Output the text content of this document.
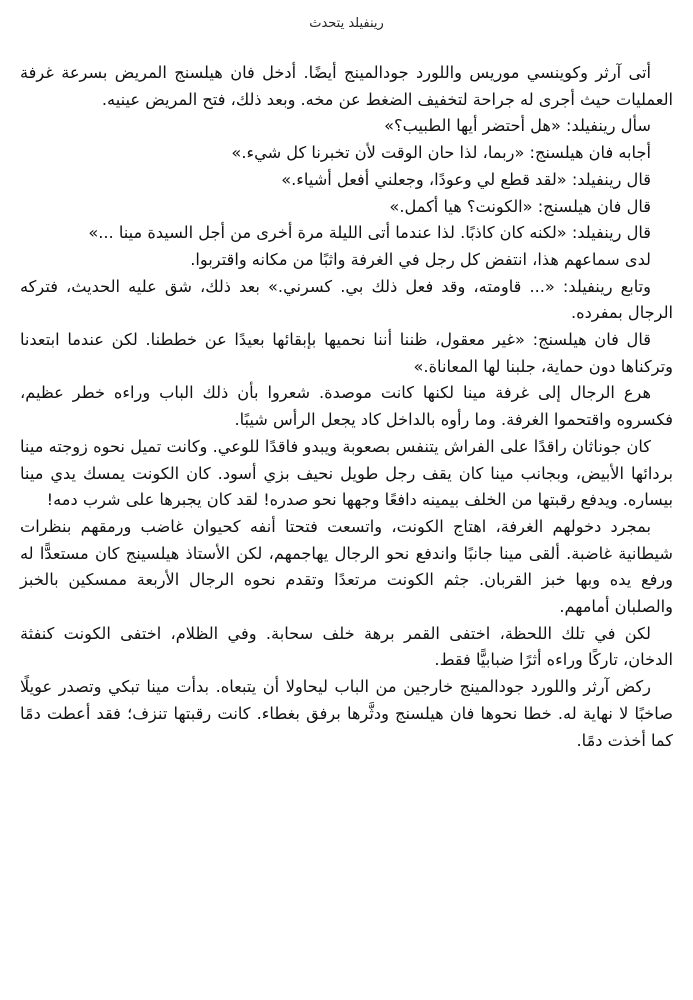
رينفيلد يتحدث

أتى آرثر وكوينسي موريس واللورد جودالمينج أيضًا. أدخل فان هيلسنج المريض بسرعة غرفة العمليات حيث أجرى له جراحة لتخفيف الضغط عن مخه. وبعد ذلك، فتح المريض عينيه.

سأل رينفيلد: «هل أحتضر أيها الطبيب؟»

أجابه فان هيلسنج: «ربما، لذا حان الوقت لأن تخبرنا كل شيء.»

قال رينفيلد: «لقد قطع لي وعودًا، وجعلني أفعل أشياء.»

قال فان هيلسنج: «الكونت؟ هيا أكمل.»

قال رينفيلد: «لكنه كان كاذبًا. لذا عندما أتى الليلة مرة أخرى من أجل السيدة مينا ...»

لدى سماعهم هذا، انتفض كل رجل في الغرفة واثبًا من مكانه واقتربوا.

وتابع رينفيلد: «... قاومته، وقد فعل ذلك بي. كسرني.» بعد ذلك، شق عليه الحديث، فتركه الرجال بمفرده.

قال فان هيلسنج: «غير معقول، ظننا أننا نحميها بإبقائها بعيدًا عن خططنا. لكن عندما ابتعدنا وتركناها دون حماية، جلبنا لها المعاناة.»

هرع الرجال إلى غرفة مينا لكنها كانت موصدة. شعروا بأن ذلك الباب وراءه خطر عظيم، فكسروه واقتحموا الغرفة. وما رأوه بالداخل كاد يجعل الرأس شيبًا.

كان جوناثان راقدًا على الفراش يتنفس بصعوبة ويبدو فاقدًا للوعي. وكانت تميل نحوه زوجته مينا بردائها الأبيض، وبجانب مينا كان يقف رجل طويل نحيف بزي أسود. كان الكونت يمسك يدي مينا بيساره. ويدفع رقبتها من الخلف بيمينه دافعًا وجهها نحو صدره! لقد كان يجبرها على شرب دمه!

بمجرد دخولهم الغرفة، اهتاج الكونت، واتسعت فتحتا أنفه كحيوان غاضب ورمقهم بنظرات شيطانية غاضبة. ألقى مينا جانبًا واندفع نحو الرجال يهاجمهم، لكن الأستاذ هيلسينج كان مستعدًّا له ورفع يده وبها خبز القربان. جثم الكونت مرتعدًا وتقدم نحوه الرجال الأربعة ممسكين بالخبز والصلبان أمامهم.

لكن في تلك اللحظة، اختفى القمر برهة خلف سحابة. وفي الظلام، اختفى الكونت كنفثة الدخان، تاركًا وراءه أثرًا ضبابيًّا فقط.

ركض آرثر واللورد جودالمينج خارجين من الباب ليحاولا أن يتبعاه. بدأت مينا تبكي وتصدر عويلًا صاخبًا لا نهاية له. خطا نحوها فان هيلسنج ودثَّرها برفق بغطاء. كانت رقبتها تنزف؛ فقد أعطت دمًا كما أخذت دمًا.
